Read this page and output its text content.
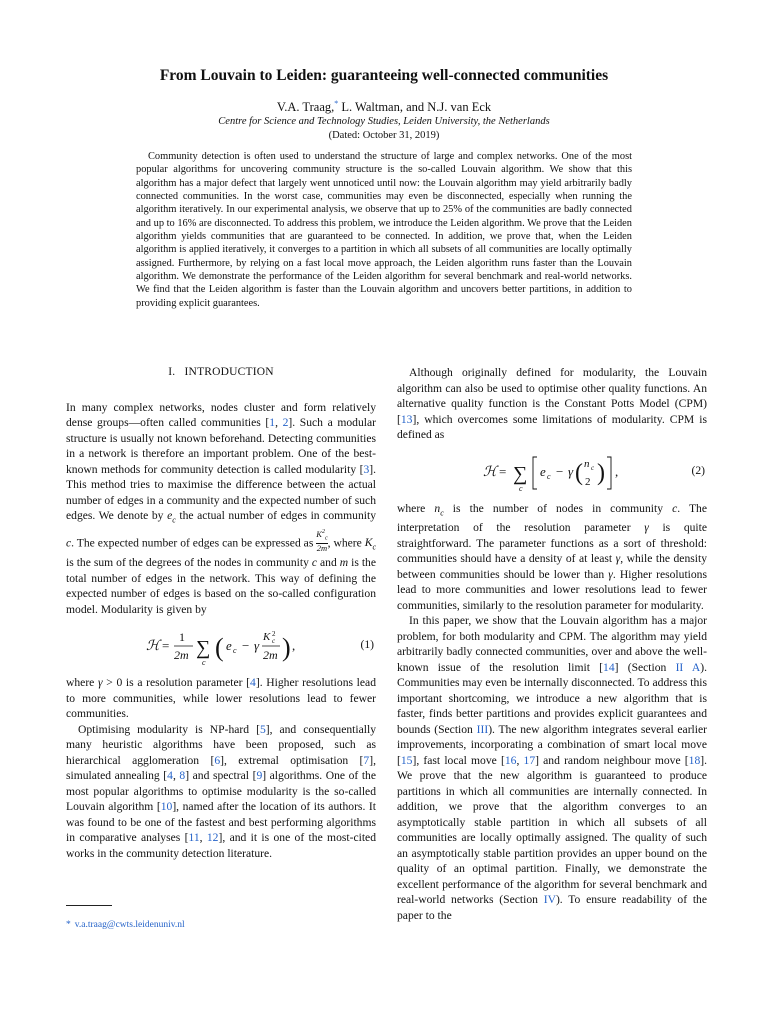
From Louvain to Leiden: guaranteeing well-connected communities
V.A. Traag,* L. Waltman, and N.J. van Eck
Centre for Science and Technology Studies, Leiden University, the Netherlands
(Dated: October 31, 2019)

Community detection is often used to understand the structure of large and complex networks. One of the most popular algorithms for uncovering community structure is the so-called Louvain algorithm. We show that this algorithm has a major defect that largely went unnoticed until now: the Louvain algorithm may yield arbitrarily badly connected communities. In the worst case, communities may even be disconnected, especially when running the algorithm iteratively. In our experimental analysis, we observe that up to 25% of the communities are badly connected and up to 16% are disconnected. To address this problem, we introduce the Leiden algorithm. We prove that the Leiden algorithm yields communities that are guaranteed to be connected. In addition, we prove that, when the Leiden algorithm is applied iteratively, it converges to a partition in which all subsets of all communities are locally optimally assigned. Furthermore, by relying on a fast local move approach, the Leiden algorithm runs faster than the Louvain algorithm. We demonstrate the performance of the Leiden algorithm for several benchmark and real-world networks. We find that the Leiden algorithm is faster than the Louvain algorithm and uncovers better partitions, in addition to providing explicit guarantees.

I. INTRODUCTION

In many complex networks, nodes cluster and form relatively dense groups—often called communities [1, 2]. Such a modular structure is usually not known beforehand. Detecting communities in a network is therefore an important problem. One of the best-known methods for community detection is called modularity [3]. This method tries to maximise the difference between the actual number of edges in a community and the expected number of such edges. We denote by $e_c$ the actual number of edges in community c. The expected number of edges can be expressed as $\frac{K^2_c}{2m}$ , where $K_c$ is the sum of the degrees of the nodes in community c and m is the total number of edges in the network. This way of defining the expected number of edges is based on the so-called configuration model. Modularity is given by

ℋ =
1
2m ∑
c
( e c − γ
K 2
c
2m ) ,	(1)

where γ > 0 is a resolution parameter [4]. Higher resolutions lead to more communities, while lower resolutions lead to fewer communities.

Optimising modularity is NP-hard [5], and consequentially many heuristic algorithms have been proposed, such as hierarchical agglomeration [6], extremal optimisation [7], simulated annealing [4, 8] and spectral [9] algorithms. One of the most popular algorithms to optimise modularity is the so-called Louvain algorithm [10], named after the location of its authors. It was found to be one of the fastest and best performing algorithms in comparative analyses [11, 12], and it is one of the most-cited works in the community detection literature.

Although originally defined for modularity, the Louvain algorithm can also be used to optimise other quality functions. An alternative quality function is the Constant Potts Model (CPM) [13], which overcomes some limitations of modularity. CPM is defined as

ℋ = ∑
c
e c − γ ( n c
2 ) ,	(2)

where $n_c$ is the number of nodes in community c. The interpretation of the resolution parameter γ is quite straightforward. The parameter functions as a sort of threshold: communities should have a density of at least γ, while the density between communities should be lower than γ. Higher resolutions lead to more communities and lower resolutions lead to fewer communities, similarly to the resolution parameter for modularity.

In this paper, we show that the Louvain algorithm has a major problem, for both modularity and CPM. The algorithm may yield arbitrarily badly connected communities, over and above the well-known issue of the resolution limit [14] (Section II A). Communities may even be internally disconnected. To address this important shortcoming, we introduce a new algorithm that is faster, finds better partitions and provides explicit guarantees and bounds (Section III). The new algorithm integrates several earlier improvements, incorporating a combination of smart local move [15], fast local move [16, 17] and random neighbour move [18]. We prove that the new algorithm is guaranteed to produce partitions in which all communities are internally connected. In addition, we prove that the algorithm converges to an asymptotically stable partition in which all subsets of all communities are locally optimally assigned. The quality of such an asymptotically stable partition provides an upper bound on the quality of an optimal partition. Finally, we demonstrate the excellent performance of the algorithm for several benchmark and real-world networks (Section IV). To ensure readability of the paper to the

* v.a.traag@cwts.leidenuniv.nl
